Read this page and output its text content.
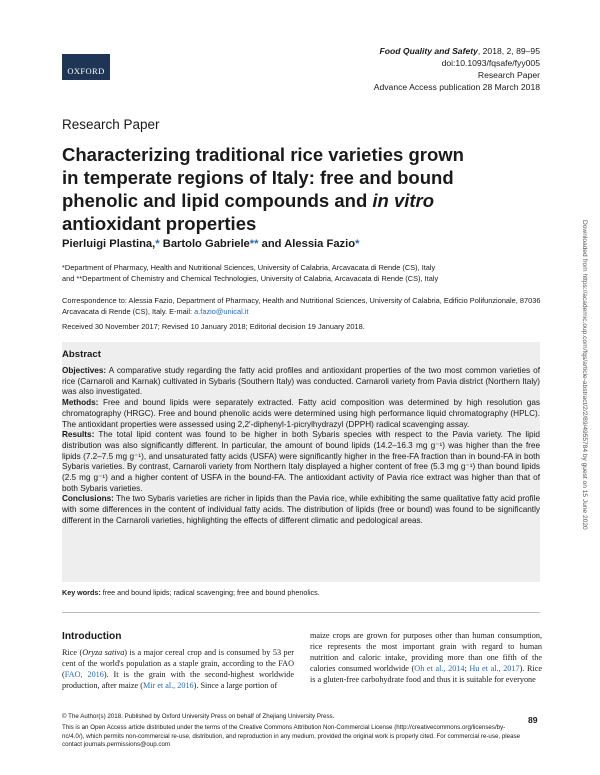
OXFORD
Food Quality and Safety, 2018, 2, 89–95
doi:10.1093/fqsafe/fyy005
Research Paper
Advance Access publication 28 March 2018
Research Paper
Characterizing traditional rice varieties grown in temperate regions of Italy: free and bound phenolic and lipid compounds and in vitro antioxidant properties
Pierluigi Plastina,* Bartolo Gabriele** and Alessia Fazio*
*Department of Pharmacy, Health and Nutritional Sciences, University of Calabria, Arcavacata di Rende (CS), Italy
and **Department of Chemistry and Chemical Technologies, University of Calabria, Arcavacata di Rende (CS), Italy
Correspondence to: Alessia Fazio, Department of Pharmacy, Health and Nutritional Sciences, University of Calabria, Edificio Polifunzionale, 87036 Arcavacata di Rende (CS), Italy. E-mail: a.fazio@unical.it
Received 30 November 2017; Revised 10 January 2018; Editorial decision 19 January 2018.
Abstract

Objectives: A comparative study regarding the fatty acid profiles and antioxidant properties of the two most common varieties of rice (Carnaroli and Karnak) cultivated in Sybaris (Southern Italy) was conducted. Carnaroli variety from Pavia district (Northern Italy) was also investigated.

Methods: Free and bound lipids were separately extracted. Fatty acid composition was determined by high resolution gas chromatography (HRGC). Free and bound phenolic acids were determined using high performance liquid chromatography (HPLC). The antioxidant properties were assessed using 2,2′-diphenyl-1-picrylhydrazyl (DPPH) radical scavenging assay.

Results: The total lipid content was found to be higher in both Sybaris species with respect to the Pavia variety. The lipid distribution was also significantly different. In particular, the amount of bound lipids (14.2–16.3 mg g⁻¹) was higher than the free lipids (7.2–7.5 mg g⁻¹), and unsaturated fatty acids (USFA) were significantly higher in the free-FA fraction than in bound-FA in both Sybaris varieties. By contrast, Carnaroli variety from Northern Italy displayed a higher content of free (5.3 mg g⁻¹) than bound lipids (2.5 mg g⁻¹) and a higher content of USFA in the bound-FA. The antioxidant activity of Pavia rice extract was higher than that of both Sybaris varieties.

Conclusions: The two Sybaris varieties are richer in lipids than the Pavia rice, while exhibiting the same qualitative fatty acid profile with some differences in the content of individual fatty acids. The distribution of lipids (free or bound) was found to be significantly different in the Carnaroli varieties, highlighting the effects of different climatic and pedological areas.

Key words: free and bound lipids; radical scavenging; free and bound phenolics.
Introduction
Rice (Oryza sativa) is a major cereal crop and is consumed by 53 per cent of the world's population as a staple grain, according to the FAO (FAO, 2016). It is the grain with the second-highest worldwide production, after maize (Mir et al., 2016). Since a large portion of
maize crops are grown for purposes other than human consumption, rice represents the most important grain with regard to human nutrition and caloric intake, providing more than one fifth of the calories consumed worldwide (Oh et al., 2014; Hu et al., 2017). Rice is a gluten-free carbohydrate food and thus it is suitable for everyone
© The Author(s) 2018. Published by Oxford University Press on behalf of Zhejiang University Press.
This is an Open Access article distributed under the terms of the Creative Commons Attribution Non-Commercial License (http://creativecommons.org/licenses/by-nc/4.0/), which permits non-commercial re-use, distribution, and reproduction in any medium, provided the original work is properly cited. For commercial re-use, please contact journals.permissions@oup.com
89
Downloaded from https://academic.oup.com/fqs/article-abstract/2/2/89/4955784 by guest on 15 June 2020
